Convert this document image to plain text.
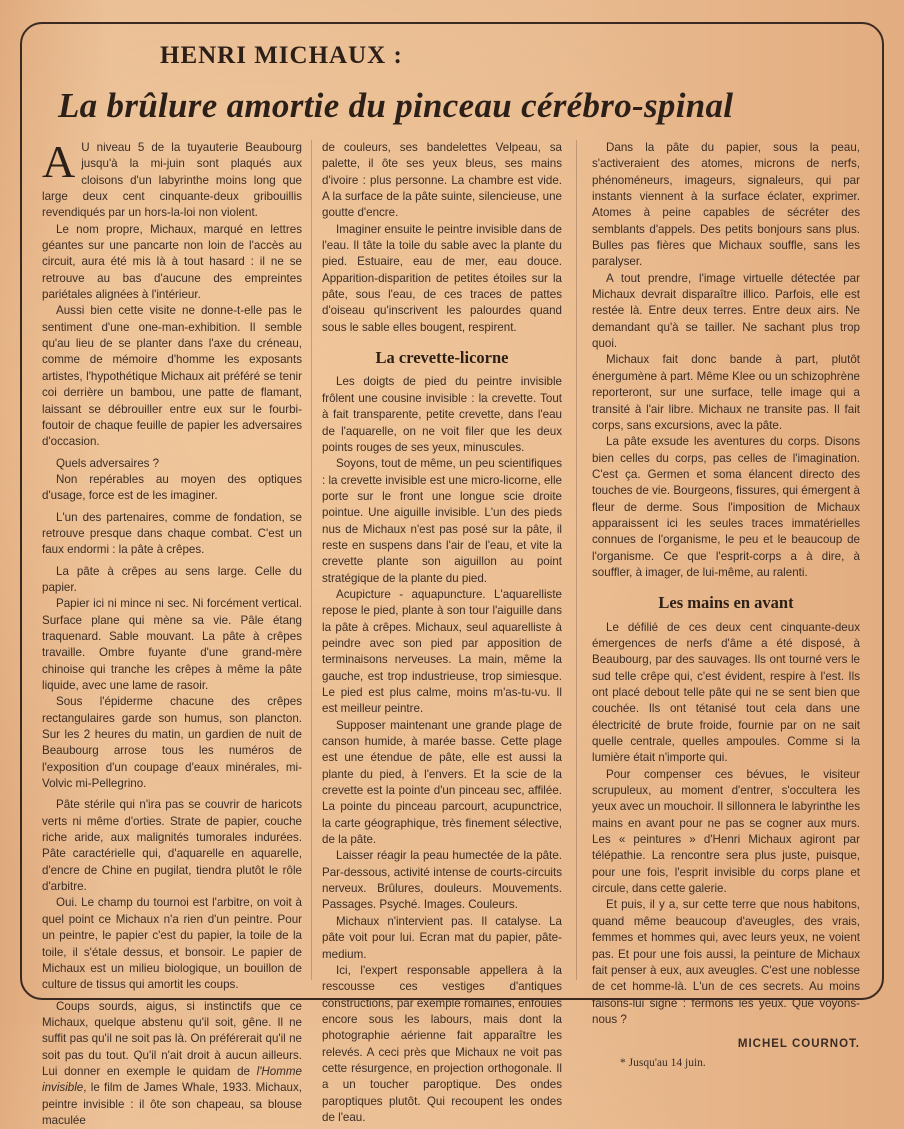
HENRI MICHAUX :
La brûlure amortie du pinceau cérébro-spinal

A U niveau 5 de la tuyauterie Beaubourg jusqu'à la mi-juin sont plaqués aux cloisons d'un labyrinthe moins long que large deux cent cinquante-deux gribouillis revendiqués par un hors-la-loi non violent.

Le nom propre, Michaux, marqué en lettres géantes sur une pancarte non loin de l'accès au circuit, aura été mis là à tout hasard : il ne se retrouve au bas d'aucune des empreintes pariétales alignées à l'intérieur.

Aussi bien cette visite ne donne-t-elle pas le sentiment d'une one-man-exhibition. Il semble qu'au lieu de se planter dans l'axe du créneau, comme de mémoire d'homme les exposants artistes, l'hypothétique Michaux ait préféré se tenir coi derrière un bambou, une patte de flamant, laissant se débrouiller entre eux sur le fourbi-foutoir de chaque feuille de papier les adversaires d'occasion.

Quels adversaires ?

Non repérables au moyen des optiques d'usage, force est de les imaginer.

L'un des partenaires, comme de fondation, se retrouve presque dans chaque combat. C'est un faux endormi : la pâte à crêpes.

La pâte à crêpes au sens large. Celle du papier.

Papier ici ni mince ni sec. Ni forcément vertical. Surface plane qui mène sa vie. Pâle étang traquenard. Sable mouvant. La pâte à crêpes travaille. Ombre fuyante d'une grand-mère chinoise qui tranche les crêpes à même la pâte liquide, avec une lame de rasoir.

Sous l'épiderme chacune des crêpes rectangulaires garde son humus, son plancton. Sur les 2 heures du matin, un gardien de nuit de Beaubourg arrose tous les numéros de l'exposition d'un coupage d'eaux minérales, mi-Volvic mi-Pellegrino.

Pâte stérile qui n'ira pas se couvrir de haricots verts ni même d'orties. Strate de papier, couche riche aride, aux malignités tumorales indurées. Pâte caractérielle qui, d'aquarelle en aquarelle, d'encre de Chine en pugilat, tiendra plutôt le rôle d'arbitre.

Oui. Le champ du tournoi est l'arbitre, on voit à quel point ce Michaux n'a rien d'un peintre. Pour un peintre, le papier c'est du papier, la toile de la toile, il s'étale dessus, et bonsoir. Le papier de Michaux est un milieu biologique, un bouillon de culture de tissus qui amortit les coups.

Coups sourds, aigus, si instinctifs que ce Michaux, quelque abstenu qu'il soit, gêne. Il ne suffit pas qu'il ne soit pas là. On préférerait qu'il ne soit pas du tout. Qu'il n'ait droit à aucun ailleurs. Lui donner en exemple le quidam de l'Homme invisible, le film de James Whale, 1933. Michaux, peintre invisible : il ôte son chapeau, sa blouse maculée

de couleurs, ses bandelettes Velpeau, sa palette, il ôte ses yeux bleus, ses mains d'ivoire : plus personne. La chambre est vide. A la surface de la pâte suinte, silencieuse, une goutte d'encre.

Imaginer ensuite le peintre invisible dans de l'eau. Il tâte la toile du sable avec la plante du pied. Estuaire, eau de mer, eau douce. Apparition-disparition de petites étoiles sur la pâte, sous l'eau, de ces traces de pattes d'oiseau qu'inscrivent les palourdes quand sous le sable elles bougent, respirent.

La crevette-licorne

Les doigts de pied du peintre invisible frôlent une cousine invisible : la crevette. Tout à fait transparente, petite crevette, dans l'eau de l'aquarelle, on ne voit filer que les deux points rouges de ses yeux, minuscules.

Soyons, tout de même, un peu scientifiques : la crevette invisible est une micro-licorne, elle porte sur le front une longue scie droite pointue. Une aiguille invisible. L'un des pieds nus de Michaux n'est pas posé sur la pâte, il reste en suspens dans l'air de l'eau, et vite la crevette plante son aiguillon au point stratégique de la plante du pied.

Acupicture - aquapuncture. L'aquarelliste repose le pied, plante à son tour l'aiguille dans la pâte à crêpes. Michaux, seul aquarelliste à peindre avec son pied par apposition de terminaisons nerveuses. La main, même la gauche, est trop industrieuse, trop simiesque. Le pied est plus calme, moins m'as-tu-vu. Il est meilleur peintre.

Supposer maintenant une grande plage de canson humide, à marée basse. Cette plage est une étendue de pâte, elle est aussi la plante du pied, à l'envers. Et la scie de la crevette est la pointe d'un pinceau sec, affilée. La pointe du pinceau parcourt, acupunctrice, la carte géographique, très finement sélective, de la pâte.

Laisser réagir la peau humectée de la pâte. Par-dessous, activité intense de courts-circuits nerveux. Brûlures, douleurs. Mouvements. Passages. Psyché. Images. Couleurs.

Michaux n'intervient pas. Il catalyse. La pâte voit pour lui. Ecran mat du papier, pâte-medium.

Ici, l'expert responsable appellera à la rescousse ces vestiges d'antiques constructions, par exemple romaines, enfouies encore sous les labours, mais dont la photographie aérienne fait apparaître les relevés. A ceci près que Michaux ne voit pas cette résurgence, en projection orthogonale. Il a un toucher paroptique. Des ondes paroptiques plutôt. Qui recoupent les ondes de l'eau.

Dans la pâte du papier, sous la peau, s'activeraient des atomes, microns de nerfs, phénoméneurs, imageurs, signaleurs, qui par instants viennent à la surface éclater, exprimer. Atomes à peine capables de sécréter des semblants d'appels. Des petits bonjours sans plus. Bulles pas fières que Michaux souffle, sans les paralyser.

A tout prendre, l'image virtuelle détectée par Michaux devrait disparaître illico. Parfois, elle est restée là. Entre deux terres. Entre deux airs. Ne demandant qu'à se tailler. Ne sachant plus trop quoi.

Michaux fait donc bande à part, plutôt énergumène à part. Même Klee ou un schizophrène reporteront, sur une surface, telle image qui a transité à l'air libre. Michaux ne transite pas. Il fait corps, sans excursions, avec la pâte.

La pâte exsude les aventures du corps. Disons bien celles du corps, pas celles de l'imagination. C'est ça. Germen et soma élancent directo des touches de vie. Bourgeons, fissures, qui émergent à fleur de derme. Sous l'imposition de Michaux apparaissent ici les seules traces immatérielles connues de l'organisme, le peu et le beaucoup de l'organisme. Ce que l'esprit-corps a à dire, à souffler, à imager, de lui-même, au ralenti.

Les mains en avant

Le défilié de ces deux cent cinquante-deux émergences de nerfs d'âme a été disposé, à Beaubourg, par des sauvages. Ils ont tourné vers le sud telle crêpe qui, c'est évident, respire à l'est. Ils ont placé debout telle pâte qui ne se sent bien que couchée. Ils ont tétanisé tout cela dans une électricité de brute froide, fournie par on ne sait quelle centrale, quelles ampoules. Comme si la lumière était n'importe qui.

Pour compenser ces bévues, le visiteur scrupuleux, au moment d'entrer, s'occultera les yeux avec un mouchoir. Il sillonnera le labyrinthe les mains en avant pour ne pas se cogner aux murs. Les « peintures » d'Henri Michaux agiront par télépathie. La rencontre sera plus juste, puisque, pour une fois, l'esprit invisible du corps plane et circule, dans cette galerie.

Et puis, il y a, sur cette terre que nous habitons, quand même beaucoup d'aveugles, des vrais, femmes et hommes qui, avec leurs yeux, ne voient pas. Et pour une fois aussi, la peinture de Michaux fait penser à eux, aux aveugles. C'est une noblesse de cet homme-là. L'un de ces secrets. Au moins faisons-lui signe : fermons les yeux. Que voyons-nous ?

MICHEL COURNOT.
* Jusqu'au 14 juin.
